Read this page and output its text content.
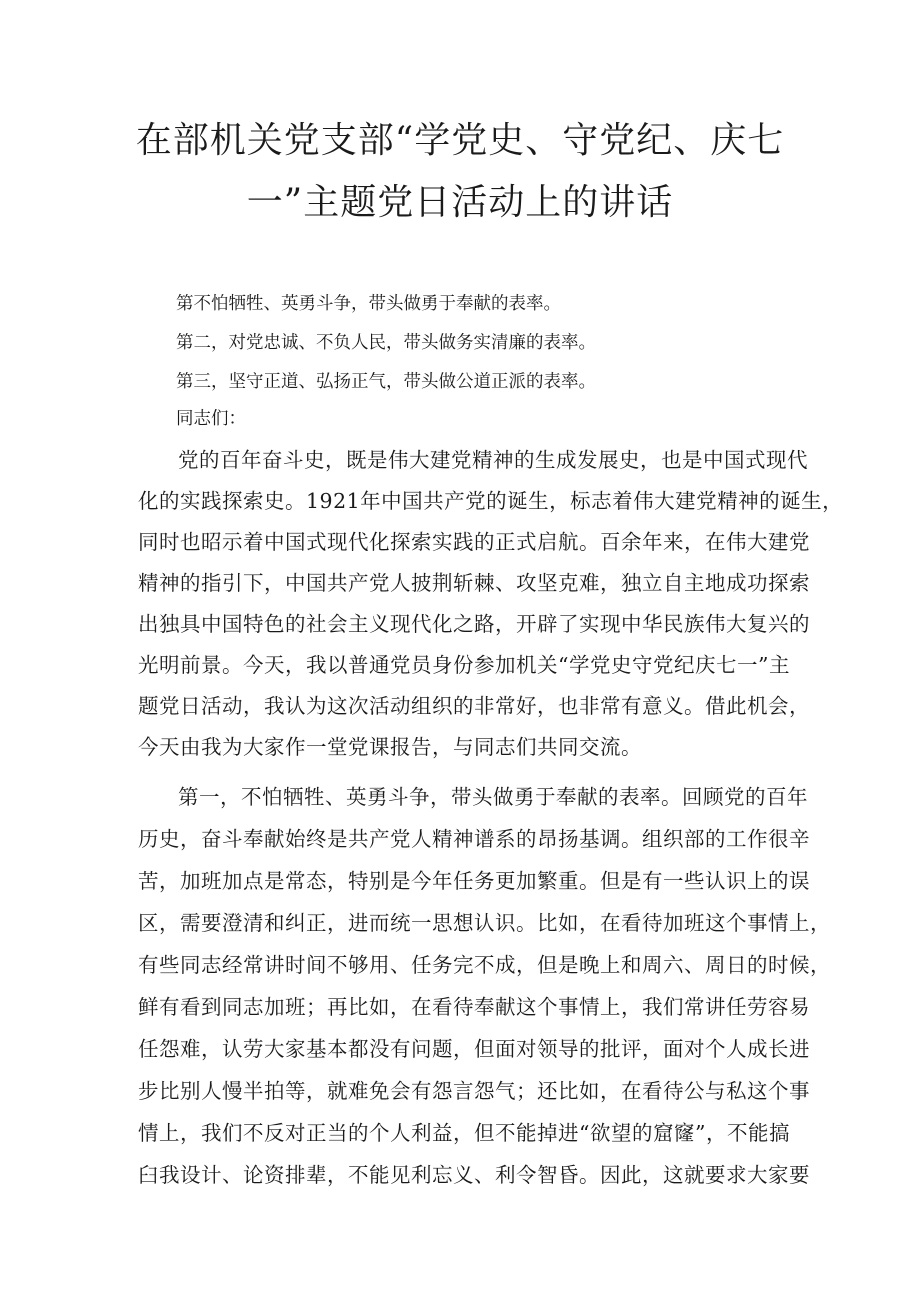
在部机关党支部“学党史、守党纪、庆七
一”主题党日活动上的讲话
第不怕牺牲、英勇斗争，带头做勇于奉献的表率。
第二，对党忠诚、不负人民，带头做务实清廉的表率。
第三，坚守正道、弘扬正气，带头做公道正派的表率。
同志们：
党的百年奋斗史，既是伟大建党精神的生成发展史，也是中国式现代
化的实践探索史。1921年中国共产党的诞生，标志着伟大建党精神的诞生，
同时也昭示着中国式现代化探索实践的正式启航。百余年来，在伟大建党
精神的指引下，中国共产党人披荆斩棘、攻坚克难，独立自主地成功探索
出独具中国特色的社会主义现代化之路，开辟了实现中华民族伟大复兴的
光明前景。今天，我以普通党员身份参加机关“学党史守党纪庆七一”主
题党日活动，我认为这次活动组织的非常好，也非常有意义。借此机会，
今天由我为大家作一堂党课报告，与同志们共同交流。
第一，不怕牺牲、英勇斗争，带头做勇于奉献的表率。回顾党的百年
历史，奋斗奉献始终是共产党人精神谱系的昂扬基调。组织部的工作很辛
苦，加班加点是常态，特别是今年任务更加繁重。但是有一些认识上的误
区，需要澄清和纠正，进而统一思想认识。比如，在看待加班这个事情上，
有些同志经常讲时间不够用、任务完不成，但是晚上和周六、周日的时候，
鲜有看到同志加班；再比如，在看待奉献这个事情上，我们常讲任劳容易
任怨难，认劳大家基本都没有问题，但面对领导的批评，面对个人成长进
步比别人慢半拍等，就难免会有怨言怨气；还比如，在看待公与私这个事
情上，我们不反对正当的个人利益，但不能掉进“欲望的窟窿”，不能搞
臼我设计、论资排辈，不能见利忘义、利令智昏。因此，这就要求大家要
